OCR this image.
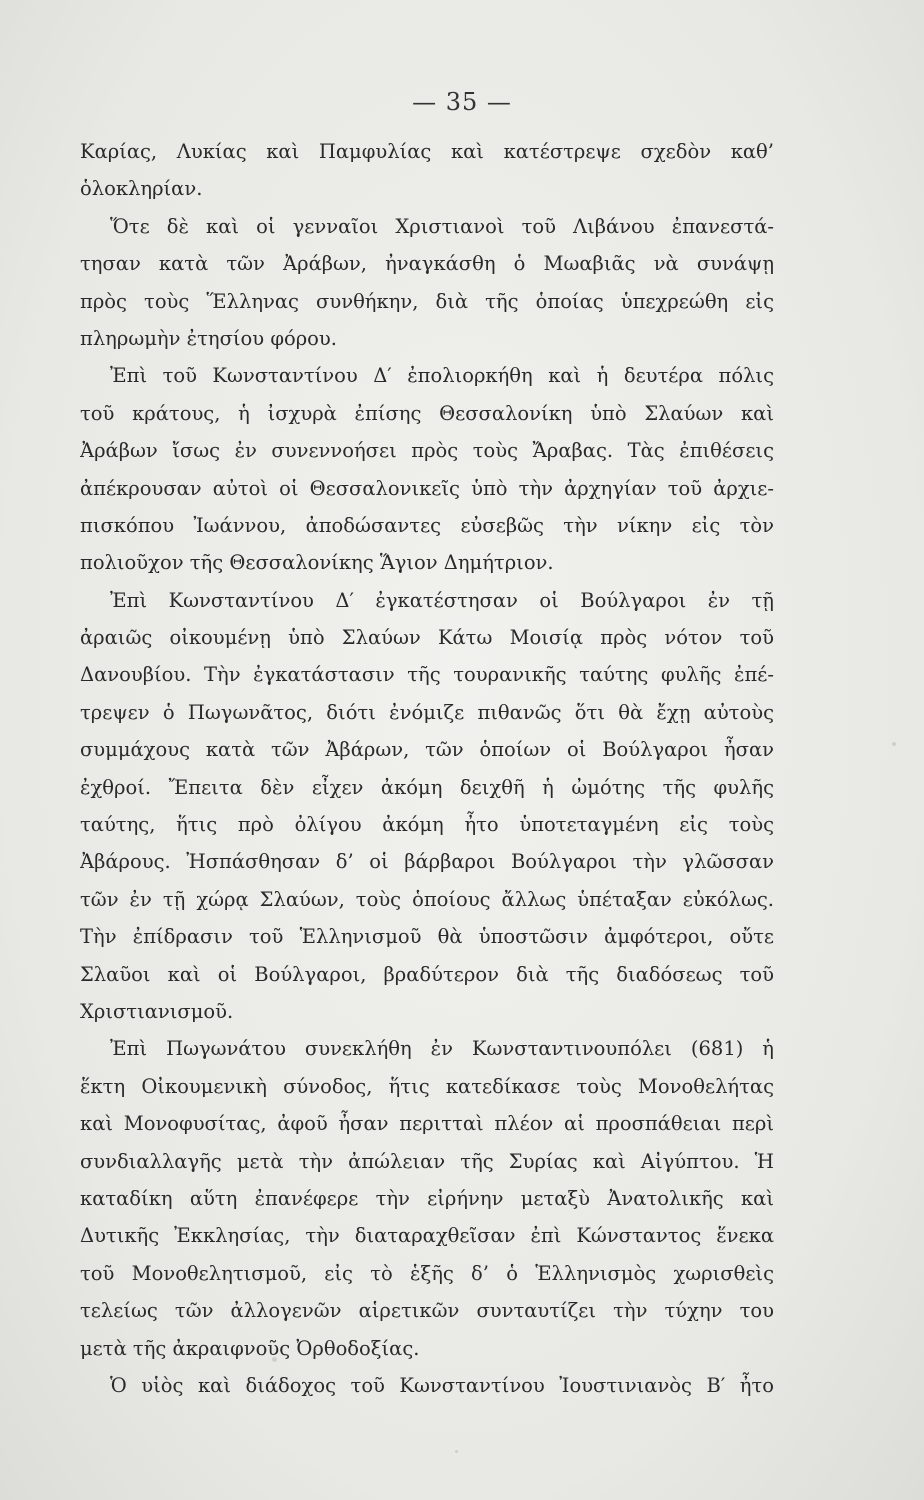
— 35 —
Καρίας, Λυκίας καὶ Παμφυλίας καὶ κατέστρεψε σχεδὸν καθ’
ὁλοκληρίαν.
Ὅτε δὲ καὶ οἱ γενναῖοι Χριστιανοὶ τοῦ Λιβάνου ἐπανεστά-
τησαν κατὰ τῶν Ἀράβων, ἠναγκάσθη ὁ Μωαβιᾶς νὰ συνάψῃ
πρὸς τοὺς Ἕλληνας συνθήκην, διὰ τῆς ὁποίας ὑπεχρεώθη εἰς
πληρωμὴν ἐτησίου φόρου.
Ἐπὶ τοῦ Κωνσταντίνου Δ′ ἐπολιορκήθη καὶ ἡ δευτέρα πόλις
τοῦ κράτους, ἡ ἰσχυρὰ ἐπίσης Θεσσαλονίκη ὑπὸ Σλαύων καὶ
Ἀράβων ἴσως ἐν συνεννοήσει πρὸς τοὺς Ἄραβας. Τὰς ἐπιθέσεις
ἀπέκρουσαν αὐτοὶ οἱ Θεσσαλονικεῖς ὑπὸ τὴν ἀρχηγίαν τοῦ ἀρχιε-
πισκόπου Ἰωάννου, ἀποδώσαντες εὐσεβῶς τὴν νίκην εἰς τὸν
πολιοῦχον τῆς Θεσσαλονίκης Ἅγιον Δημήτριον.
Ἐπὶ Κωνσταντίνου Δ′ ἐγκατέστησαν οἱ Βούλγαροι ἐν τῇ
ἀραιῶς οἰκουμένῃ ὑπὸ Σλαύων Κάτω Μοισίᾳ πρὸς νότον τοῦ
Δανουβίου. Τὴν ἐγκατάστασιν τῆς τουρανικῆς ταύτης φυλῆς ἐπέ-
τρεψεν ὁ Πωγωνᾶτος, διότι ἐνόμιζε πιθανῶς ὅτι θὰ ἔχῃ αὐτοὺς
συμμάχους κατὰ τῶν Ἀβάρων, τῶν ὁποίων οἱ Βούλγαροι ἦσαν
ἐχθροί. Ἔπειτα δὲν εἶχεν ἀκόμη δειχθῆ ἡ ὠμότης τῆς φυλῆς
ταύτης, ἥτις πρὸ ὀλίγου ἀκόμη ἦτο ὑποτεταγμένη εἰς τοὺς
Ἀβάρους. Ἠσπάσθησαν δ’ οἱ βάρβαροι Βούλγαροι τὴν γλῶσσαν
τῶν ἐν τῇ χώρᾳ Σλαύων, τοὺς ὁποίους ἄλλως ὑπέταξαν εὐκόλως.
Τὴν ἐπίδρασιν τοῦ Ἑλληνισμοῦ θὰ ὑποστῶσιν ἀμφότεροι, οὔτε
Σλαῦοι καὶ οἱ Βούλγαροι, βραδύτερον διὰ τῆς διαδόσεως τοῦ
Χριστιανισμοῦ.
Ἐπὶ Πωγωνάτου συνεκλήθη ἐν Κωνσταντινουπόλει (681) ἡ
ἕκτη Οἰκουμενικὴ σύνοδος, ἥτις κατεδίκασε τοὺς Μονοθελήτας
καὶ Μονοφυσίτας, ἀφοῦ ἦσαν περιτταὶ πλέον αἱ προσπάθειαι περὶ
συνδιαλλαγῆς μετὰ τὴν ἀπώλειαν τῆς Συρίας καὶ Αἰγύπτου. Ἡ
καταδίκη αὕτη ἐπανέφερε τὴν εἰρήνην μεταξὺ Ἀνατολικῆς καὶ
Δυτικῆς Ἐκκλησίας, τὴν διαταραχθεῖσαν ἐπὶ Κώνσταντος ἕνεκα
τοῦ Μονοθελητισμοῦ, εἰς τὸ ἑξῆς δ’ ὁ Ἑλληνισμὸς χωρισθεὶς
τελείως τῶν ἀλλογενῶν αἱρετικῶν συνταυτίζει τὴν τύχην του
μετὰ τῆς ἀκραιφνοῦς Ὀρθοδοξίας.
Ὁ υἱὸς καὶ διάδοχος τοῦ Κωνσταντίνου Ἰουστινιανὸς Β′ ἦτο
